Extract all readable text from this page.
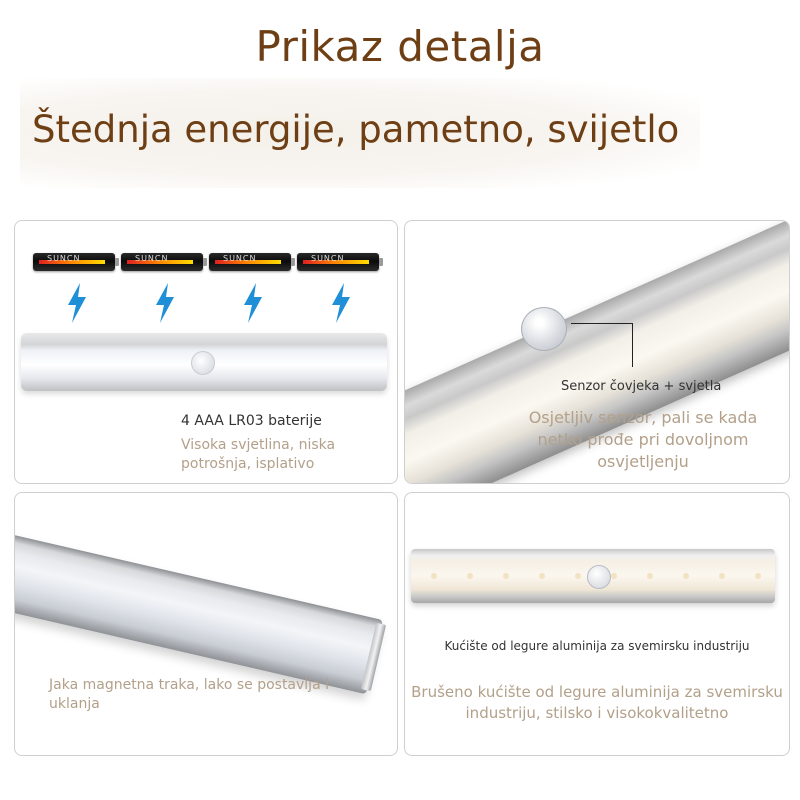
Prikaz detalja
Štednja energije, pametno, svijetlo
SUNCN	SUNCN	SUNCN	SUNCN
4 AAA LR03 baterije
Visoka svjetlina, niska potrošnja, isplativo
Senzor čovjeka + svjetla
Osjetljiv senzor, pali se kada netko prođe pri dovoljnom osvjetljenju
Jaka magnetna traka, lako se postavlja i uklanja
Kućište od legure aluminija za svemirsku industriju
Brušeno kućište od legure aluminija za svemirsku industriju, stilsko i visokokvalitetno
